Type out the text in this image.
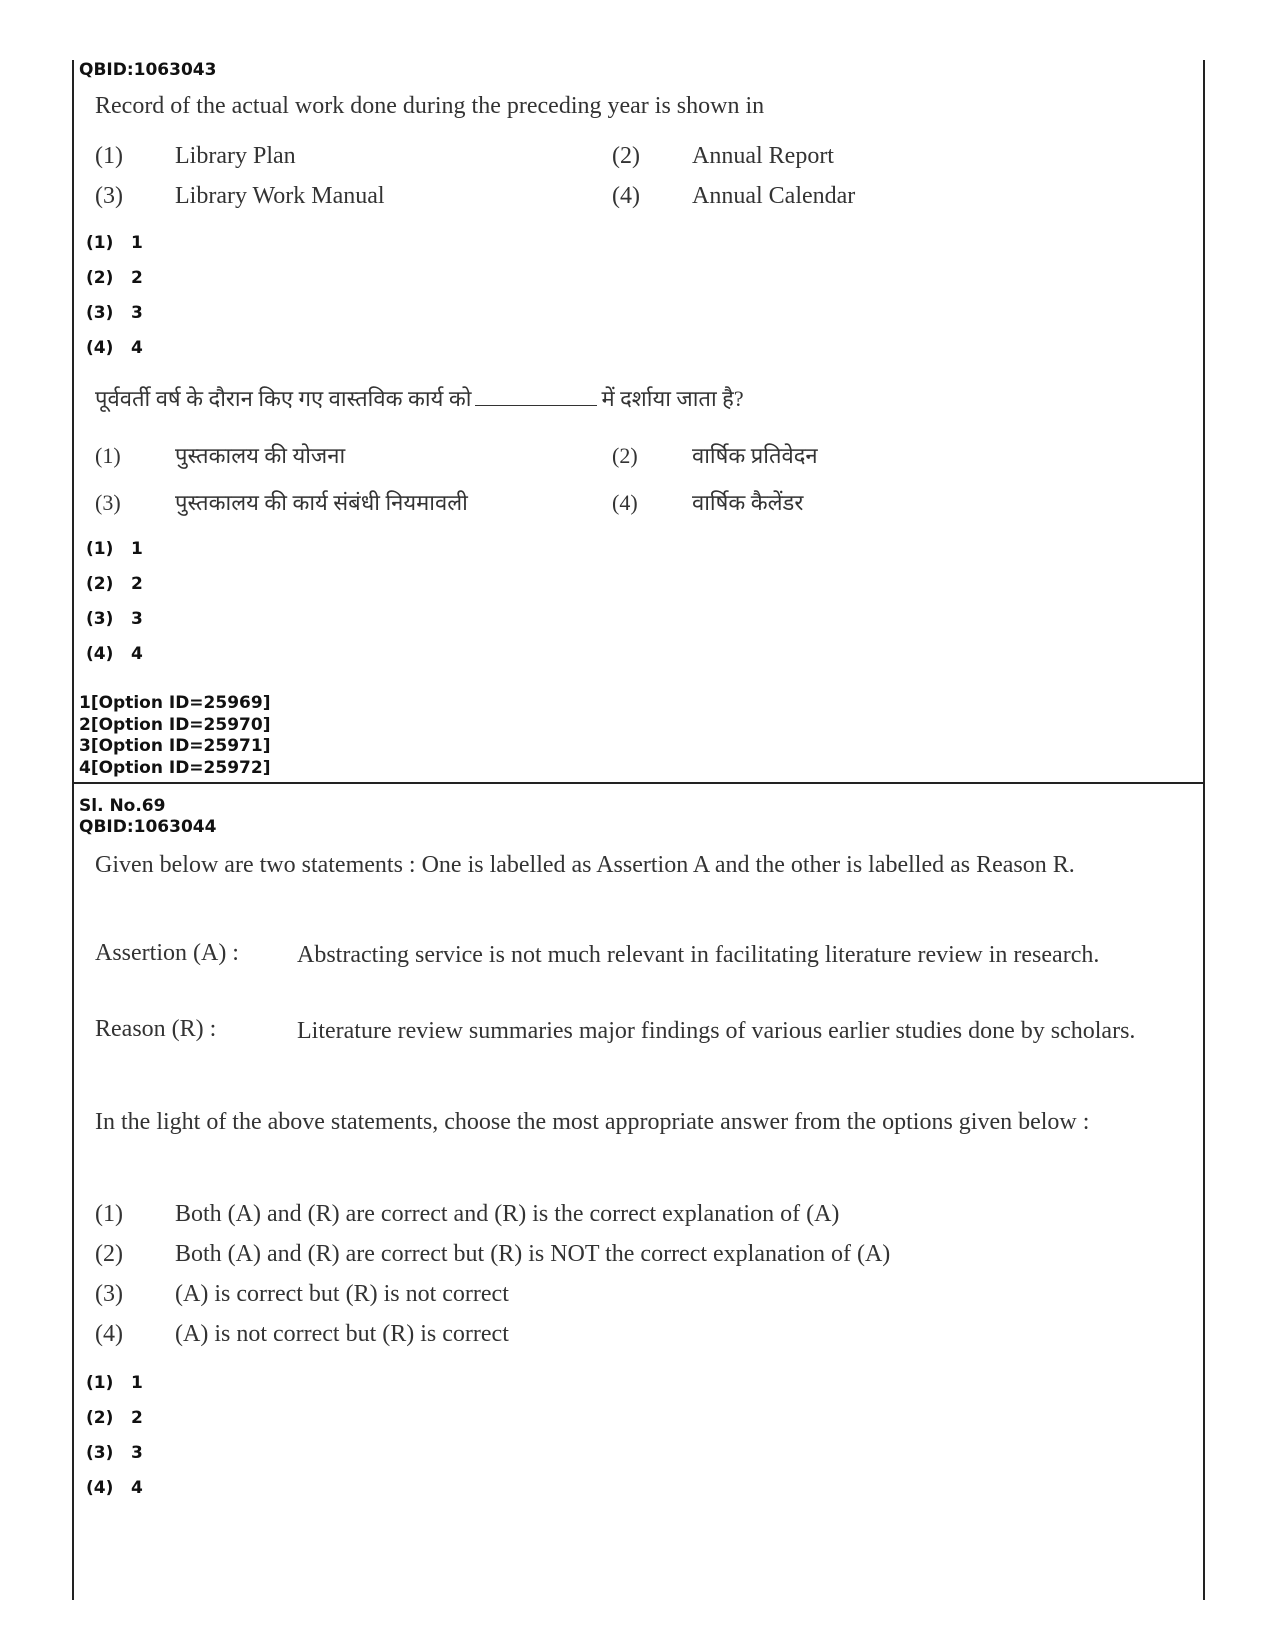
QBID:1063043
Record of the actual work done during the preceding year is shown in
(1) Library Plan	(2) Annual Report
(3) Library Work Manual	(4) Annual Calendar
(1) 1
(2) 2
(3) 3
(4) 4
पूर्ववर्ती वर्ष के दौरान किए गए वास्तविक कार्य को	में दर्शाया जाता है?
(1) पुस्तकालय की योजना	(2) वार्षिक प्रतिवेदन
(3) पुस्तकालय की कार्य संबंधी नियमावली	(4) वार्षिक कैलेंडर
(1) 1
(2) 2
(3) 3
(4) 4
1[Option ID=25969]
2[Option ID=25970]
3[Option ID=25971]
4[Option ID=25972]
Sl. No.69
QBID:1063044
Given below are two statements : One is labelled as Assertion A and the other is labelled as Reason R.
Assertion (A) : Abstracting service is not much relevant in facilitating literature review in research.
Reason (R) :	Literature review summaries major findings of various earlier studies done by scholars.
In the light of the above statements, choose the most appropriate answer from the options given below :
(1) Both (A) and (R) are correct and (R) is the correct explanation of (A)
(2) Both (A) and (R) are correct but (R) is NOT the correct explanation of (A)
(3) (A) is correct but (R) is not correct
(4) (A) is not correct but (R) is correct
(1) 1
(2) 2
(3) 3
(4) 4
